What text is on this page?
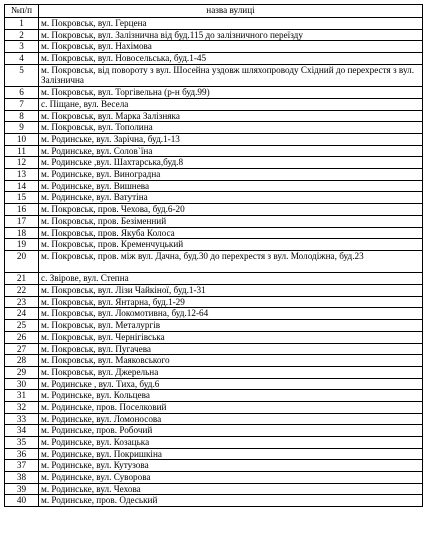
№п/п	назва вулиці
1	м. Покровськ, вул. Герцена
2	м. Покровськ, вул. Залізнична від буд.115 до залізничного переїзду
3	м. Покровськ, вул. Нахімова
4	м. Покровськ, вул. Новосельська, буд.1-45
5	м. Покровськ, від повороту з вул. Шосейна уздовж шляхопроводу Східний до перехрестя з вул. Залізнична
6	м. Покровськ, вул. Торгівельна (р-н буд.99)
7	с. Піщане, вул. Весела
8	м. Покровськ, вул. Марка Залізняка
9	м. Покровськ, вул. Тополина
10	м. Родинське, вул. Зарічна, буд.1-13
11	м. Родинське, вул. Солов`їна
12	м. Родинське ,вул. Шахтарська,буд.8
13	м. Родинське, вул. Виноградна
14	м. Родинське, вул. Вишнева
15	м. Родинське, вул. Ватутіна
16	м. Покровськ, пров. Чехова, буд.6-20
17	м. Покровськ, пров. Безіменний
18	м. Покровськ, пров. Якуба Колоса
19	м. Покровськ, пров. Кременчуцький
20	м. Покровськ, пров. між вул. Дачна, буд.30 до перехрестя з вул. Молодіжна, буд.23
21	с. Звірове, вул. Степна
22	м. Покровськ, вул. Лізи Чайкіної, буд.1-31
23	м. Покровськ, вул. Янтарна, буд.1-29
24	м. Покровськ, вул. Локомотивна, буд.12-64
25	м. Покровськ, вул. Металургів
26	м. Покровськ, вул. Чернігівська
27	м. Покровськ, вул. Пугачева
28	м. Покровськ, вул. Маяковського
29	м. Покровськ, вул. Джерельна
30	м. Родинське , вул. Тиха, буд.6
31	м. Родинське, вул. Кольцева
32	м. Родинське, пров. Поселковий
33	м. Родинське, вул. Ломоносова
34	м. Родинське, пров. Робочий
35	м. Родинське, вул. Козацька
36	м. Родинське, вул. Покришкіна
37	м. Родинське, вул. Кутузова
38	м. Родинське, вул. Суворова
39	м. Родинське, вул. Чехова
40	м. Родинське, пров. Одеський
